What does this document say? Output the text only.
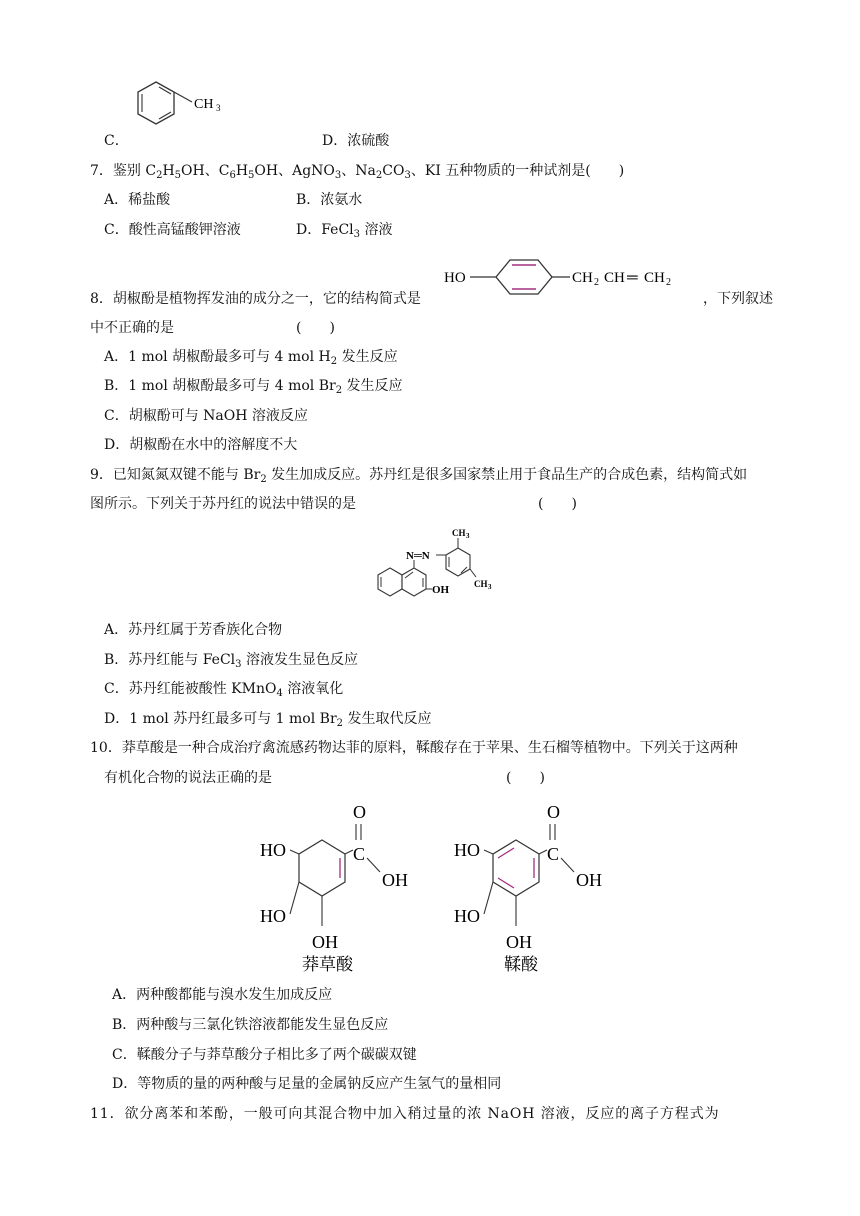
CH 3
C．	D．浓硫酸
7．鉴别 $C_2H_5OH$、$C_6H_5OH$、AgNO$_3$、$Na_2CO_3$、KI 五种物质的一种试剂是(　　)
A．稀盐酸	B．浓氨水
C．酸性高锰酸钾溶液	D．FeCl$_3$ 溶液
HO	CH 2 CH ═ CH 2
8．胡椒酚是植物挥发油的成分之一，它的结构简式是	，下列叙述
中不正确的是	(　　)
A．1 mol 胡椒酚最多可与 4 mol $H_2$ 发生反应
B．1 mol 胡椒酚最多可与 4 mol $Br_2$ 发生反应
C．胡椒酚可与 NaOH 溶液反应
D．胡椒酚在水中的溶解度不大
9．已知氮氮双键不能与 $Br_2$ 发生加成反应。苏丹红是很多国家禁止用于食品生产的合成色素，结构简式如
图所示。下列关于苏丹红的说法中错误的是	(　　)
N═N
OH
CH 3
CH 3
A．苏丹红属于芳香族化合物
B．苏丹红能与 FeCl$_3$ 溶液发生显色反应
C．苏丹红能被酸性 KMnO$_4$ 溶液氧化
D．1 mol 苏丹红最多可与 1 mol $Br_2$ 发生取代反应
10．莽草酸是一种合成治疗禽流感药物达菲的原料，鞣酸存在于苹果、生石榴等植物中。下列关于这两种
有机化合物的说法正确的是	(　　)
O
C
OH
HO
HO
OH
莽草酸
O
C
OH
HO
HO
OH
鞣酸
A．两种酸都能与溴水发生加成反应
B．两种酸与三氯化铁溶液都能发生显色反应
C．鞣酸分子与莽草酸分子相比多了两个碳碳双键
D．等物质的量的两种酸与足量的金属钠反应产生氢气的量相同
11．欲分离苯和苯酚，一般可向其混合物中加入稍过量的浓 NaOH 溶液，反应的离子方程式为
